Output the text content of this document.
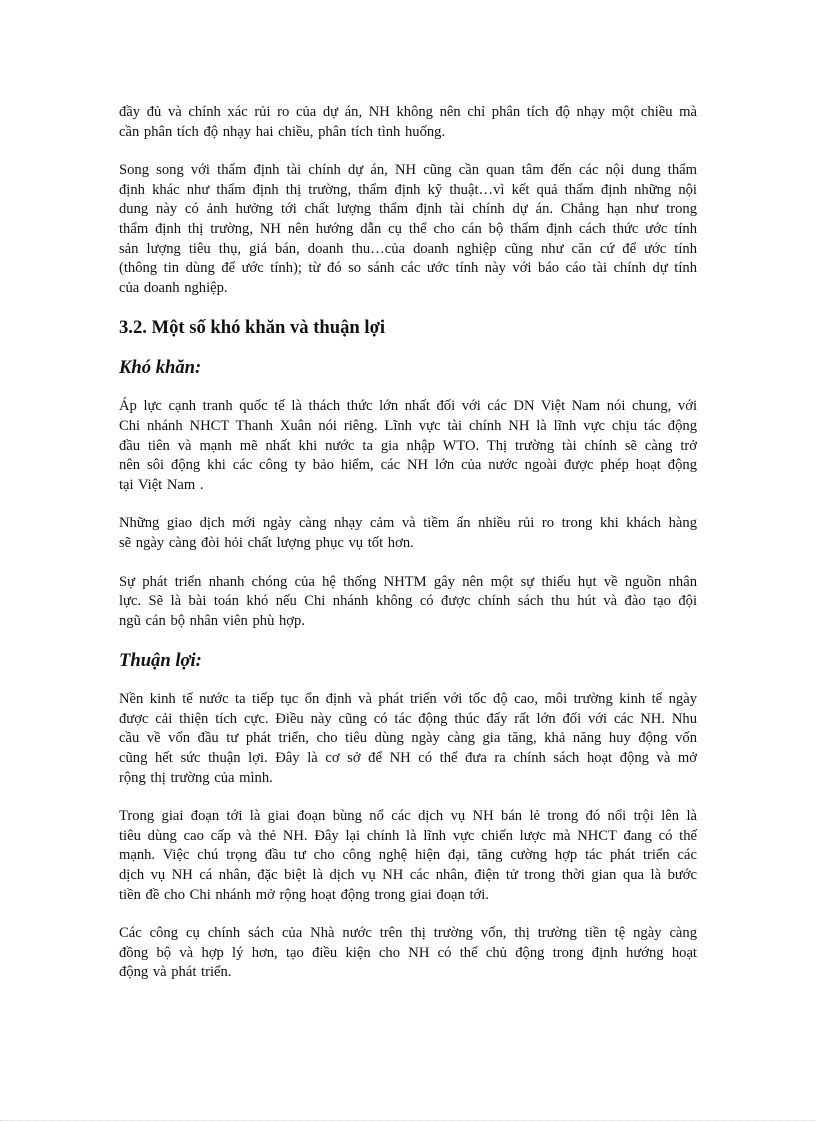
đầy đủ và chính xác rủi ro của dự án, NH không nên chỉ phân tích độ nhạy một chiều mà
cần phân tích độ nhạy hai chiều, phân tích tình huống.
Song song với thẩm định tài chính dự án, NH cũng cần quan tâm đến các nội dung thẩm
định khác như thẩm định thị trường, thẩm định kỹ thuật…vì kết quả thẩm định những nội
dung này có ảnh hưởng tới chất lượng thẩm định tài chính dự án. Chẳng hạn như trong
thẩm định thị trường, NH nên hướng dẫn cụ thể cho cán bộ thẩm định cách thức ước tính
sản lượng tiêu thụ, giá bán, doanh thu…của doanh nghiệp cũng như căn cứ để ước tính
(thông tin dùng để ước tính); từ đó so sánh các ước tính này với báo cáo tài chính dự tính
của doanh nghiệp.
3.2. Một số khó khăn và thuận lợi
Khó khăn:
Áp lực cạnh tranh quốc tế là thách thức lớn nhất đối với các DN Việt Nam nói chung, với
Chi nhánh NHCT Thanh Xuân nói riêng. Lĩnh vực tài chính NH là lĩnh vực chịu tác động
đầu tiên và mạnh mẽ nhất khi nước ta gia nhập WTO. Thị trường tài chính sẽ càng trở
nên sôi động khi các công ty bảo hiểm, các NH lớn của nước ngoài được phép hoạt động
tại Việt Nam .
Những giao dịch mới ngày càng nhạy cảm và tiềm ẩn nhiều rủi ro trong khi khách hàng
sẽ ngày càng đòi hỏi chất lượng phục vụ tốt hơn.
Sự phát triển nhanh chóng của hệ thống NHTM gây nên một sự thiếu hụt về nguồn nhân
lực. Sẽ là bài toán khó nếu Chi nhánh không có được chính sách thu hút và đào tạo đội
ngũ cán bộ nhân viên phù hợp.
Thuận lợi:
Nền kinh tế nước ta tiếp tục ổn định và phát triển với tốc độ cao, môi trường kinh tế ngày
được cải thiện tích cực. Điều này cũng có tác động thúc đẩy rất lớn đối với các NH. Nhu
cầu về vốn đầu tư phát triển, cho tiêu dùng ngày càng gia tăng, khả năng huy động vốn
cũng hết sức thuận lợi. Đây là cơ sở để NH có thể đưa ra chính sách hoạt động và mở
rộng thị trường của mình.
Trong giai đoạn tới là giai đoạn bùng nổ các dịch vụ NH bán lẻ trong đó nổi trội lên là
tiêu dùng cao cấp và thẻ NH. Đây lại chính là lĩnh vực chiến lược mà NHCT đang có thế
mạnh. Việc chú trọng đầu tư cho công nghệ hiện đại, tăng cường hợp tác phát triển các
dịch vụ NH cá nhân, đặc biệt là dịch vụ NH các nhân, điện tử trong thời gian qua là bước
tiền đề cho Chi nhánh mở rộng hoạt động trong giai đoạn tới.
Các công cụ chính sách của Nhà nước trên thị trường vốn, thị trường tiền tệ ngày càng
đồng bộ và hợp lý hơn, tạo điều kiện cho NH có thể chủ động trong định hướng hoạt
động và phát triển.
